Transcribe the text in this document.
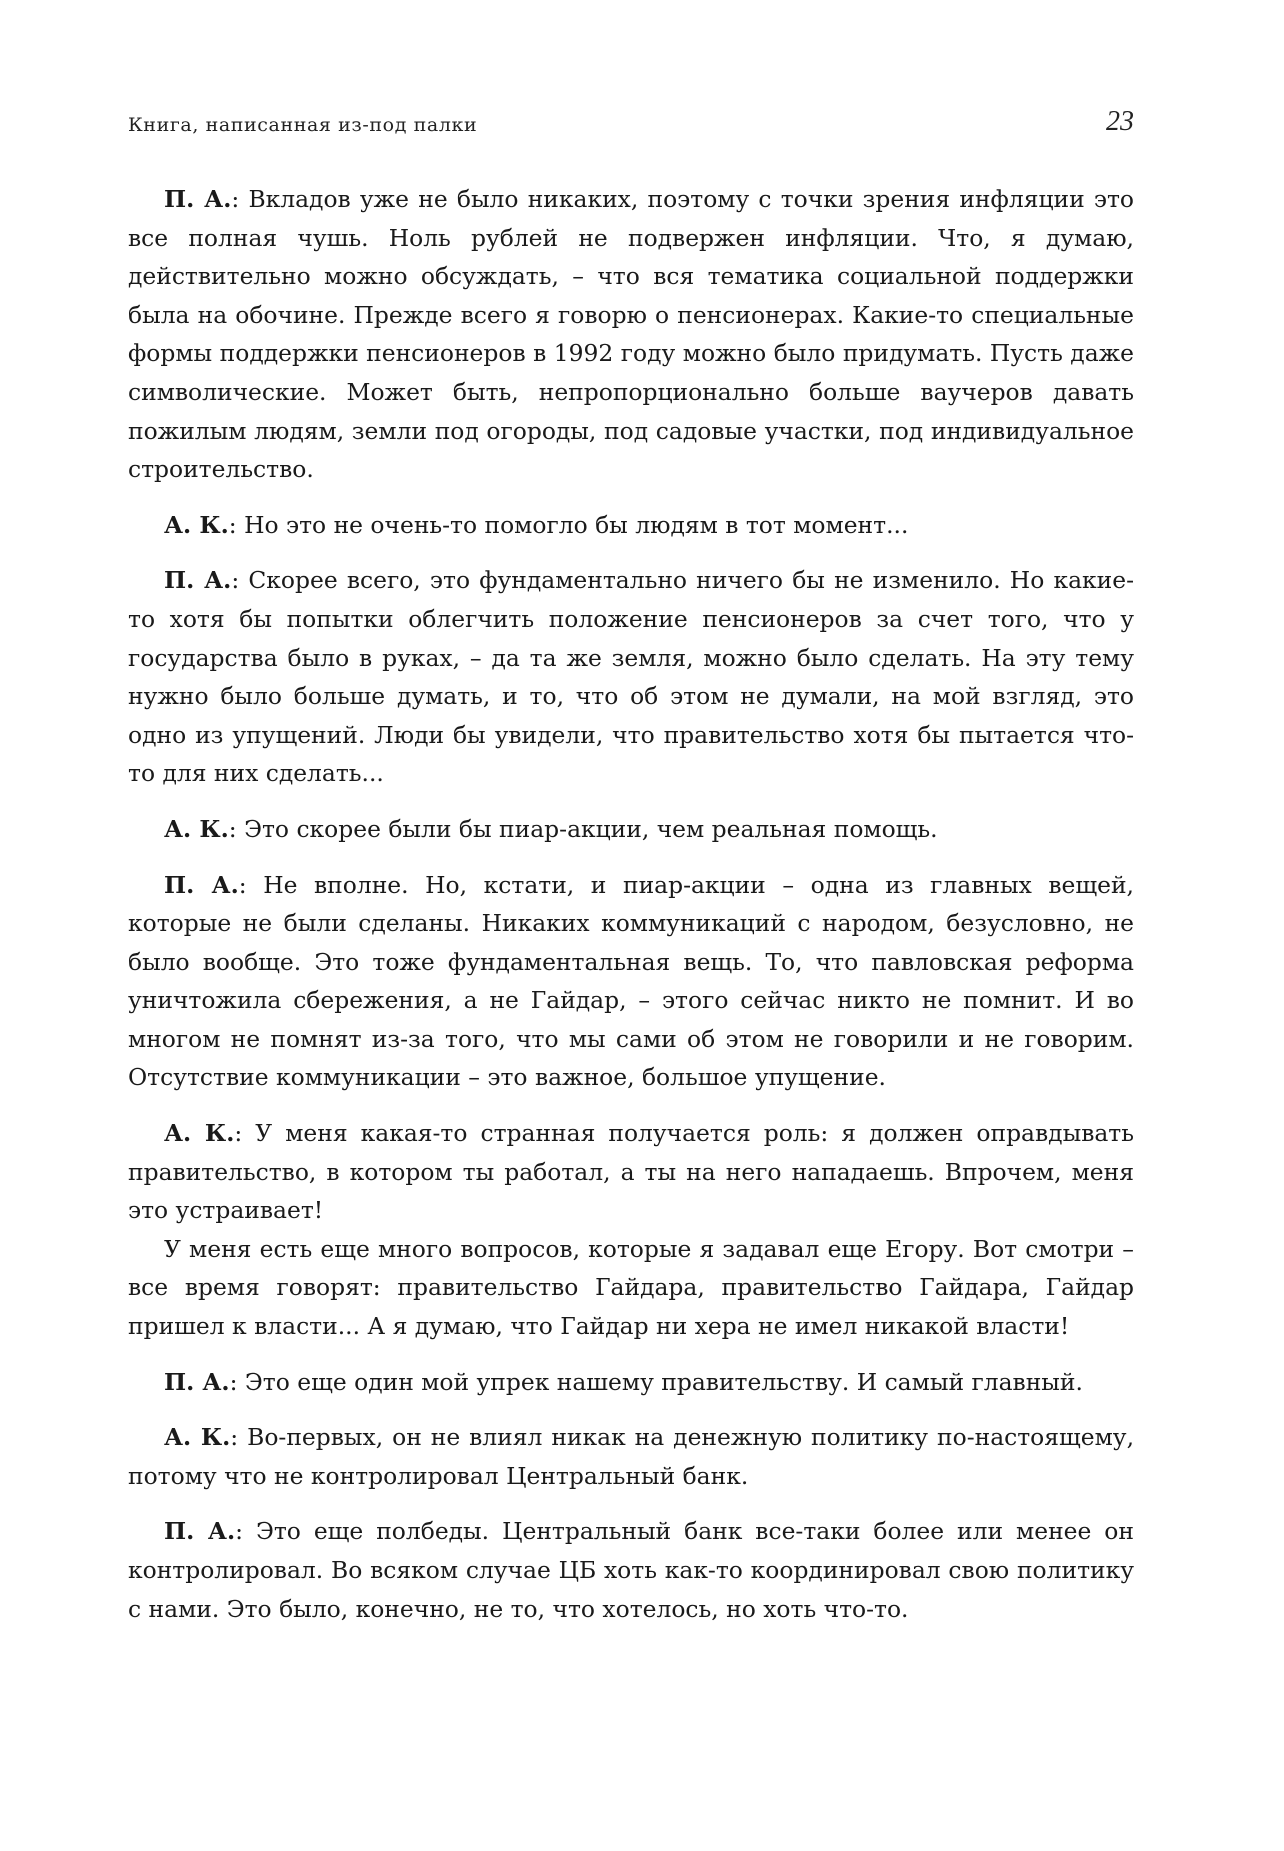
Книга, написанная из-под палки	23

П. А.: Вкладов уже не было никаких, поэтому с точки зрения инфляции это все полная чушь. Ноль рублей не подвержен инфляции. Что, я думаю, действительно можно обсуждать, – что вся тематика социальной поддержки была на обочине. Прежде всего я говорю о пенсионерах. Какие-то специальные формы поддержки пенсионеров в 1992 году можно было придумать. Пусть даже символические. Может быть, непропорционально больше ваучеров давать пожилым людям, земли под огороды, под садовые участки, под индивидуальное строительство.

А. К.: Но это не очень-то помогло бы людям в тот момент...

П. А.: Скорее всего, это фундаментально ничего бы не изменило. Но какие-то хотя бы попытки облегчить положение пенсионеров за счет того, что у государства было в руках, – да та же земля, можно было сделать. На эту тему нужно было больше думать, и то, что об этом не думали, на мой взгляд, это одно из упущений. Люди бы увидели, что правительство хотя бы пытается что-то для них сделать...

А. К.: Это скорее были бы пиар-акции, чем реальная помощь.

П. А.: Не вполне. Но, кстати, и пиар-акции – одна из главных вещей, которые не были сделаны. Никаких коммуникаций с народом, безусловно, не было вообще. Это тоже фундаментальная вещь. То, что павловская реформа уничтожила сбережения, а не Гайдар, – этого сейчас никто не помнит. И во многом не помнят из-за того, что мы сами об этом не говорили и не говорим. Отсутствие коммуникации – это важное, большое упущение.

А. К.: У меня какая-то странная получается роль: я должен оправдывать правительство, в котором ты работал, а ты на него нападаешь. Впрочем, меня это устраивает!

У меня есть еще много вопросов, которые я задавал еще Егору. Вот смотри – все время говорят: правительство Гайдара, правительство Гайдара, Гайдар пришел к власти... А я думаю, что Гайдар ни хера не имел никакой власти!

П. А.: Это еще один мой упрек нашему правительству. И самый главный.

А. К.: Во-первых, он не влиял никак на денежную политику по-настоящему, потому что не контролировал Центральный банк.

П. А.: Это еще полбеды. Центральный банк все-таки более или менее он контролировал. Во всяком случае ЦБ хоть как-то координировал свою политику с нами. Это было, конечно, не то, что хотелось, но хоть что-то.
